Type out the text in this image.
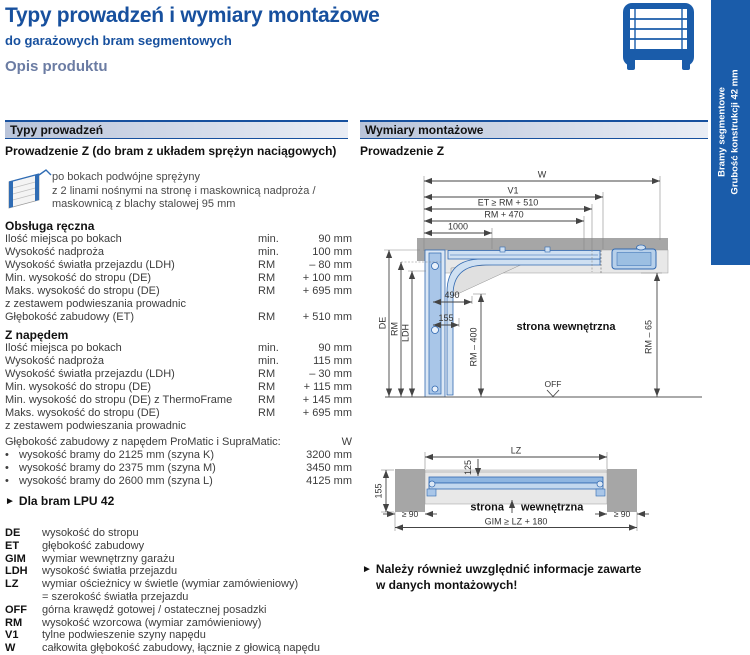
Typy prowadzeń i wymiary montażowe
do garażowych bram segmentowych
Opis produktu
Bramy segmentowe Grubość konstrukcji 42 mm
Typy prowadzeń
Prowadzenie Z (do bram z układem sprężyn naciągowych)
po bokach podwójne sprężyny
z 2 linami nośnymi na stronę i maskownicą nadproża /
maskownicą z blachy stalowej 95 mm
Obsługa ręczna
Ilość miejsca po bokach	min.	90 mm
Wysokość nadproża	min.	100 mm
Wysokość światła przejazdu (LDH)	RM	– 80 mm
Min. wysokość do stropu (DE)	RM	+ 100 mm
Maks. wysokość do stropu (DE)	RM	+ 695 mm
z zestawem podwieszania prowadnic
Głębokość zabudowy (ET)	RM	+ 510 mm
Z napędem
Ilość miejsca po bokach	min.	90 mm
Wysokość nadproża	min.	115 mm
Wysokość światła przejazdu (LDH)	RM	– 30 mm
Min. wysokość do stropu (DE)	RM	+ 115 mm
Min. wysokość do stropu (DE) z ThermoFrame	RM	+ 145 mm
Maks. wysokość do stropu (DE)	RM	+ 695 mm
z zestawem podwieszania prowadnic
Głębokość zabudowy z napędem ProMatic i SupraMatic:	W
• wysokość bramy do 2125 mm (szyna K)	3200 mm
• wysokość bramy do 2375 mm (szyna M)	3450 mm
• wysokość bramy do 2600 mm (szyna L)	4125 mm
► Dla bram LPU 42
DE	wysokość do stropu
ET	głębokość zabudowy
GIM	wymiar wewnętrzny garażu
LDH	wysokość światła przejazdu
LZ	wymiar ościeżnicy w świetle (wymiar zamówieniowy)
= szerokość światła przejazdu
OFF	górna krawędź gotowej / ostatecznej posadzki
RM	wysokość wzorcowa (wymiar zamówieniowy)
V1	tylne podwieszenie szyny napędu
W	całkowita głębokość zabudowy, łącznie z głowicą napędu
Wymiary montażowe
Prowadzenie Z
W
V1
ET ≥ RM + 510
RM + 470
1000
490
155
DE RM LDH	RM – 400	RM – 65
OFF
strona wewnętrzna
LZ
125
155
≥ 90	≥ 90
GIM ≥ LZ + 180
strona wewnętrzna
► Należy również uwzględnić informacje zawarte
w danych montażowych!
